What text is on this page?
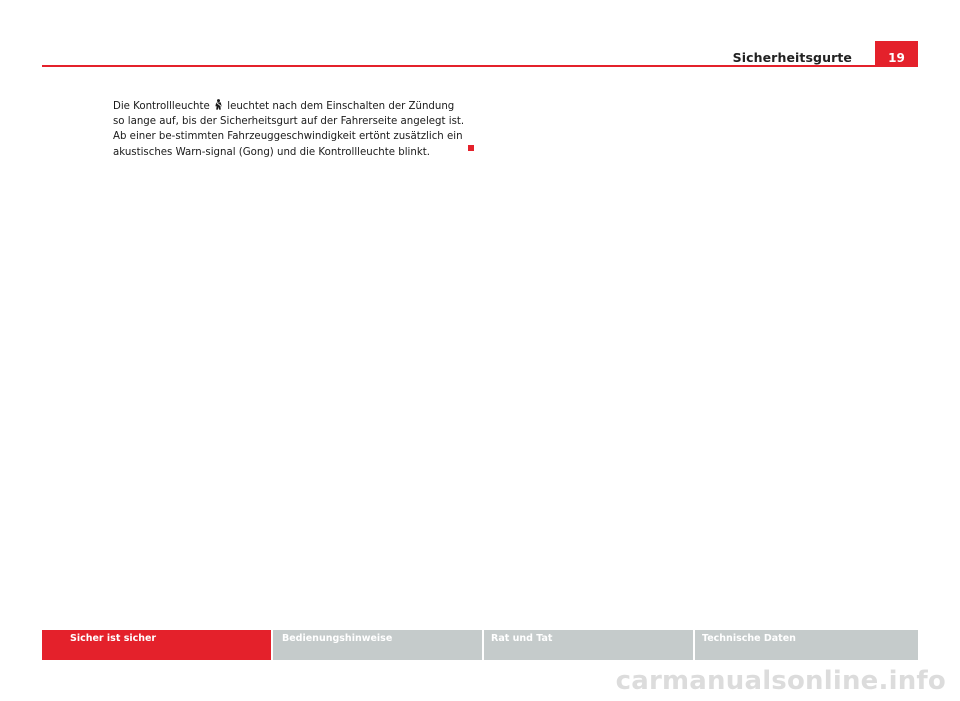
Sicherheitsgurte	19
Die Kontrollleuchte  leuchtet nach dem Einschalten der Zündung so lange auf, bis der Sicherheitsgurt auf der Fahrerseite angelegt ist. Ab einer be-stimmten Fahrzeuggeschwindigkeit ertönt zusätzlich ein akustisches Warn-signal (Gong) und die Kontrollleuchte blinkt.
Sicher ist sicher	Bedienungshinweise	Rat und Tat	Technische Daten
carmanualsonline.info
